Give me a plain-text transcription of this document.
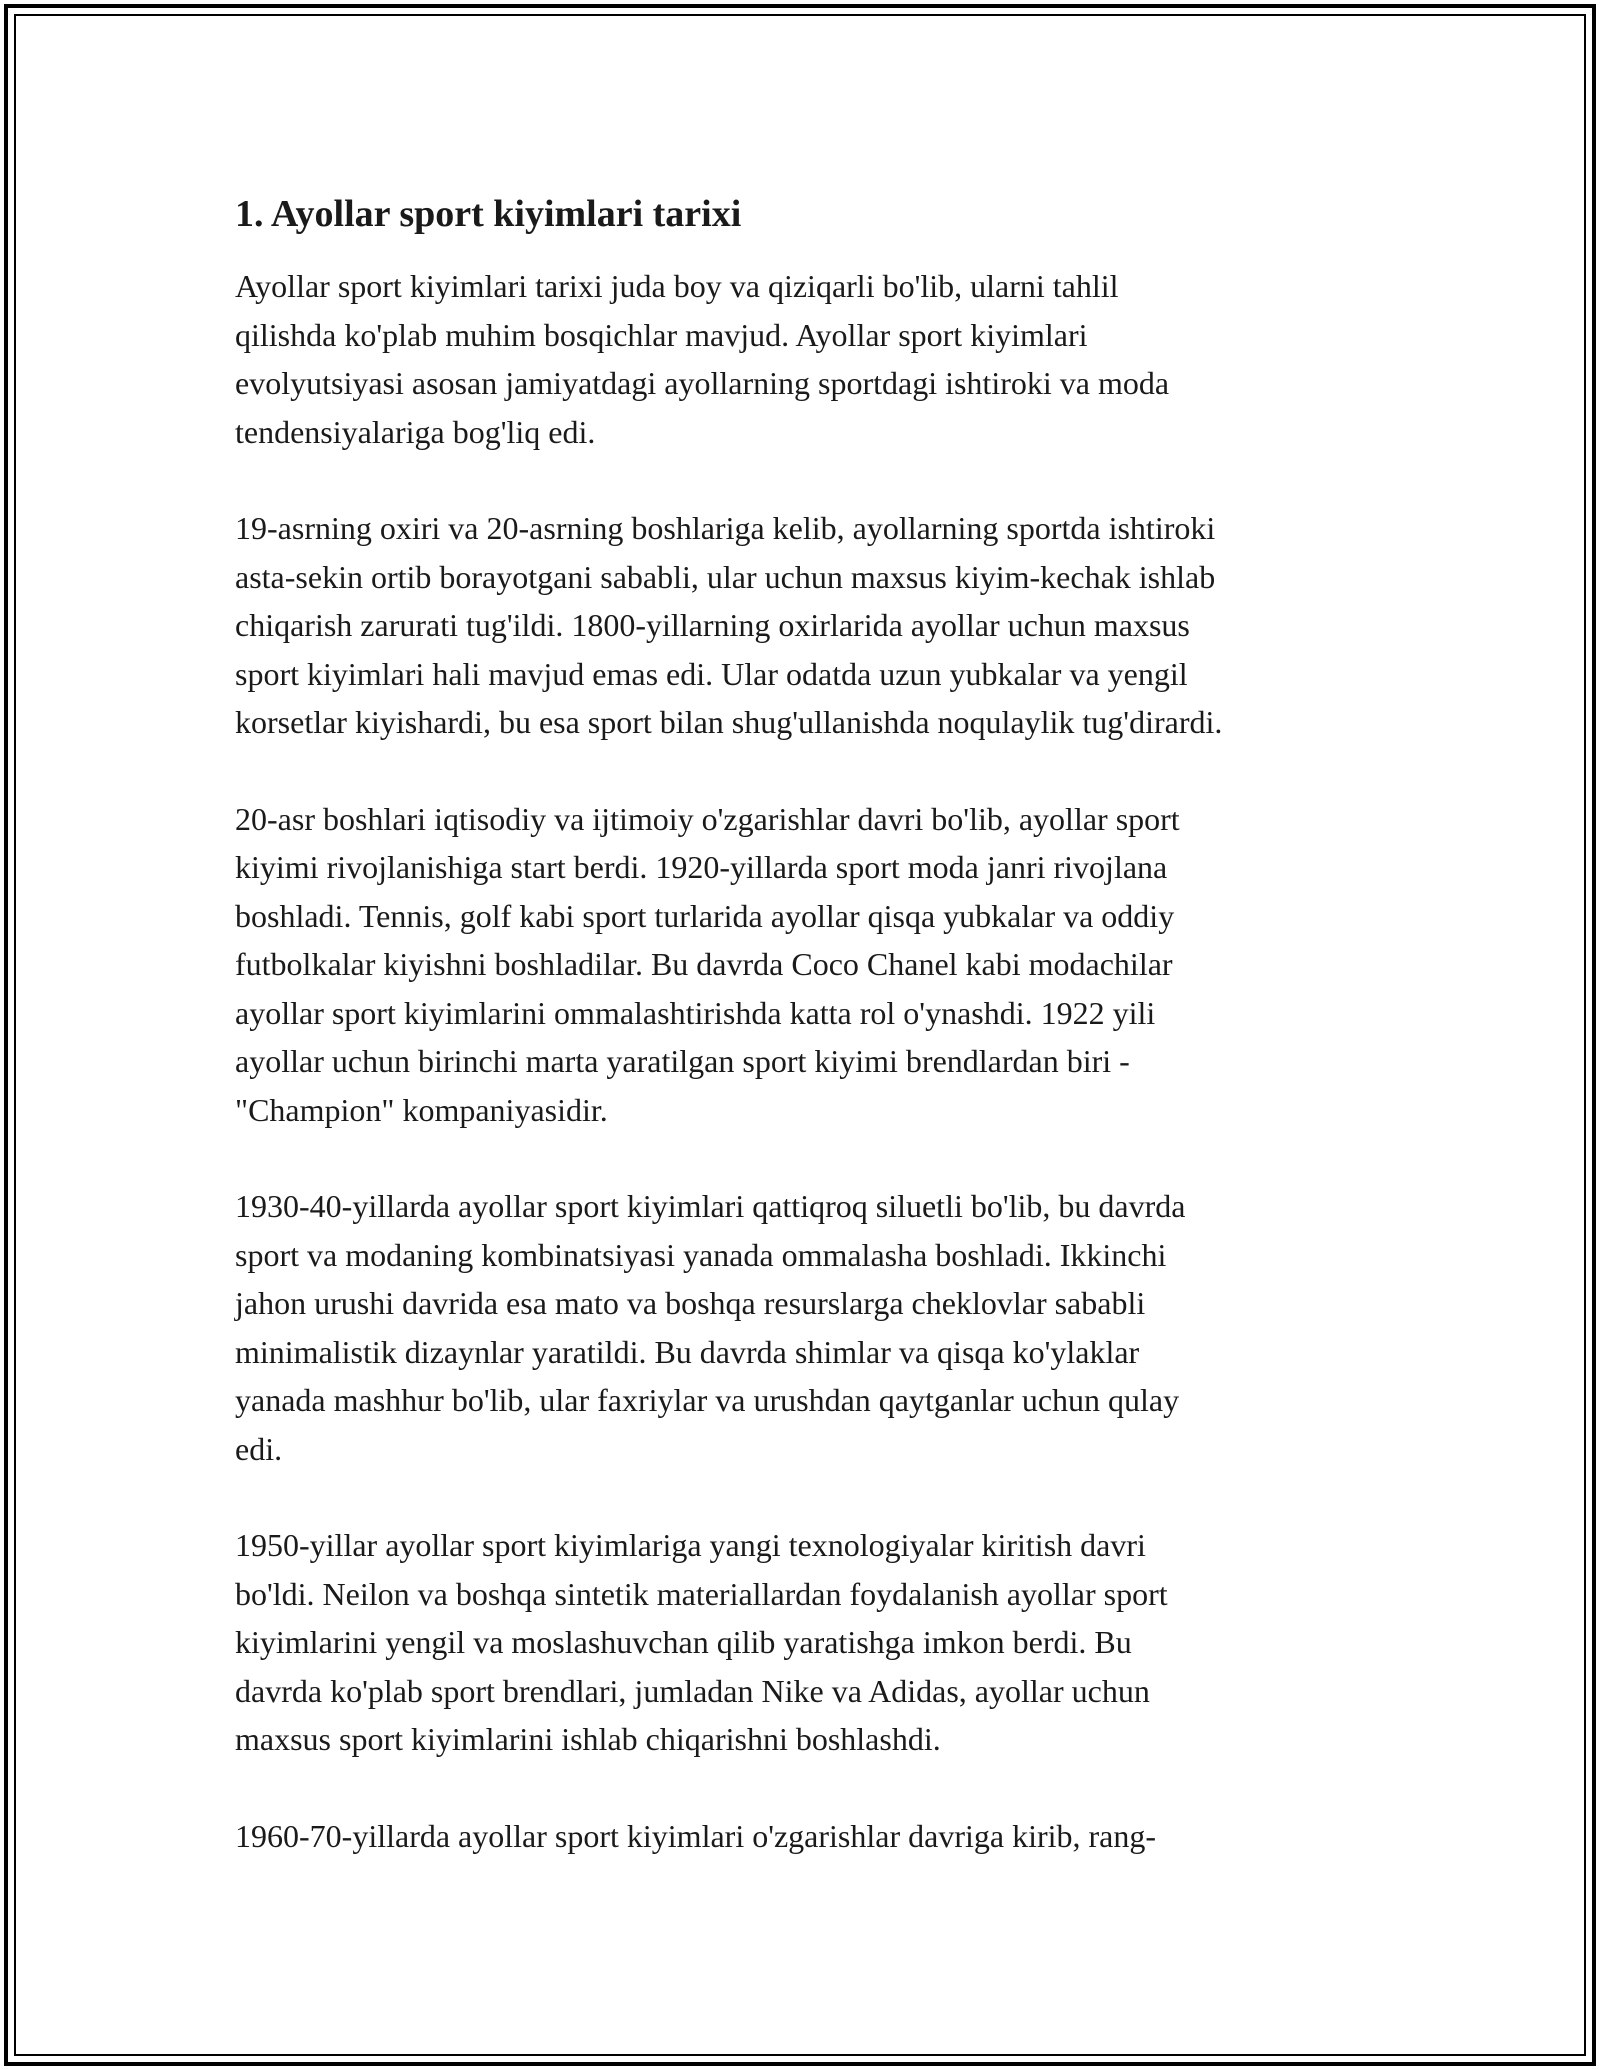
1. Ayollar sport kiyimlari tarixi

Ayollar sport kiyimlari tarixi juda boy va qiziqarli bo'lib, ularni tahlil
qilishda ko'plab muhim bosqichlar mavjud. Ayollar sport kiyimlari
evolyutsiyasi asosan jamiyatdagi ayollarning sportdagi ishtiroki va moda
tendensiyalariga bog'liq edi.

19-asrning oxiri va 20-asrning boshlariga kelib, ayollarning sportda ishtiroki
asta-sekin ortib borayotgani sababli, ular uchun maxsus kiyim-kechak ishlab
chiqarish zarurati tug'ildi. 1800-yillarning oxirlarida ayollar uchun maxsus
sport kiyimlari hali mavjud emas edi. Ular odatda uzun yubkalar va yengil
korsetlar kiyishardi, bu esa sport bilan shug'ullanishda noqulaylik tug'dirardi.

20-asr boshlari iqtisodiy va ijtimoiy o'zgarishlar davri bo'lib, ayollar sport
kiyimi rivojlanishiga start berdi. 1920-yillarda sport moda janri rivojlana
boshladi. Tennis, golf kabi sport turlarida ayollar qisqa yubkalar va oddiy
futbolkalar kiyishni boshladilar. Bu davrda Coco Chanel kabi modachilar
ayollar sport kiyimlarini ommalashtirishda katta rol o'ynashdi. 1922 yili
ayollar uchun birinchi marta yaratilgan sport kiyimi brendlardan biri -
"Champion" kompaniyasidir.

1930-40-yillarda ayollar sport kiyimlari qattiqroq siluetli bo'lib, bu davrda
sport va modaning kombinatsiyasi yanada ommalasha boshladi. Ikkinchi
jahon urushi davrida esa mato va boshqa resurslarga cheklovlar sababli
minimalistik dizaynlar yaratildi. Bu davrda shimlar va qisqa ko'ylaklar
yanada mashhur bo'lib, ular faxriylar va urushdan qaytganlar uchun qulay
edi.

1950-yillar ayollar sport kiyimlariga yangi texnologiyalar kiritish davri
bo'ldi. Neilon va boshqa sintetik materiallardan foydalanish ayollar sport
kiyimlarini yengil va moslashuvchan qilib yaratishga imkon berdi. Bu
davrda ko'plab sport brendlari, jumladan Nike va Adidas, ayollar uchun
maxsus sport kiyimlarini ishlab chiqarishni boshlashdi.

1960-70-yillarda ayollar sport kiyimlari o'zgarishlar davriga kirib, rang-
